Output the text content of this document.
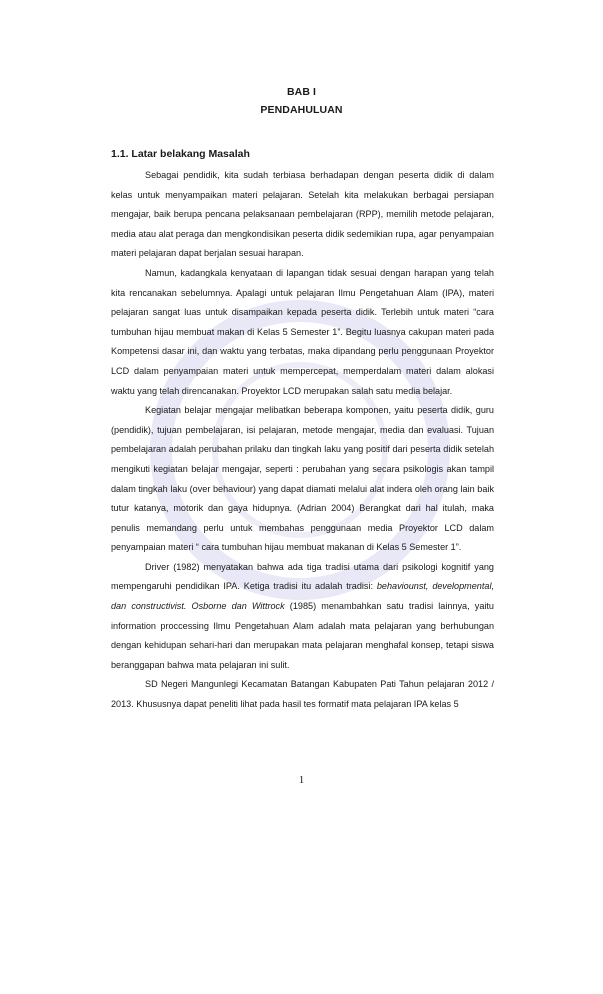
BAB I
PENDAHULUAN
1.1. Latar belakang Masalah

Sebagai pendidik, kita sudah terbiasa berhadapan dengan peserta didik di dalam kelas untuk menyampaikan materi pelajaran. Setelah kita melakukan berbagai persiapan mengajar, baik berupa pencana pelaksanaan pembelajaran (RPP), memilih metode pelajaran, media atau alat peraga dan mengkondisikan peserta didik sedemikian rupa, agar penyampaian materi pelajaran dapat berjalan sesuai harapan.

Namun, kadangkala kenyataan di lapangan tidak sesuai dengan harapan yang telah kita rencanakan sebelumnya. Apalagi untuk pelajaran Ilmu Pengetahuan Alam (IPA), materi pelajaran sangat luas untuk disampaikan kepada peserta didik. Terlebih untuk materi “cara tumbuhan hijau membuat makan di Kelas 5 Semester 1”. Begitu luasnya cakupan materi pada Kompetensi dasar ini, dan waktu yang terbatas, maka dipandang perlu penggunaan Proyektor LCD dalam penyampaian materi untuk mempercepat, memperdalam materi dalam alokasi waktu yang telah direncanakan. Proyektor LCD merupakan salah satu media belajar.

Kegiatan belajar mengajar melibatkan beberapa komponen, yaitu peserta didik, guru (pendidik), tujuan pembelajaran, isi pelajaran, metode mengajar, media dan evaluasi. Tujuan pembelajaran adalah perubahan prilaku dan tingkah laku yang positif dari peserta didik setelah mengikuti kegiatan belajar mengajar, seperti : perubahan yang secara psikologis akan tampil dalam tingkah laku (over behaviour) yang dapat diamati melalui alat indera oleh orang lain baik tutur katanya, motorik dan gaya hidupnya. (Adrian 2004) Berangkat dari hal itulah, maka penulis memandang perlu untuk membahas penggunaan media Proyektor LCD dalam penyampaian materi “ cara tumbuhan hijau membuat makanan di Kelas 5 Semester 1”.

Driver (1982) menyatakan bahwa ada tiga tradisi utama dari psikologi kognitif yang mempengaruhi pendidikan IPA. Ketiga tradisi itu adalah tradisi: behaviounst, developmental, dan constructivist. Osborne dan Wittrock (1985) menambahkan satu tradisi lainnya, yaitu information proccessing Ilmu Pengetahuan Alam adalah mata pelajaran yang berhubungan dengan kehidupan sehari-hari dan merupakan mata pelajaran menghafal konsep, tetapi siswa beranggapan bahwa mata pelajaran ini sulit.

SD Negeri Mangunlegi Kecamatan Batangan Kabupaten Pati Tahun pelajaran 2012 / 2013. Khususnya dapat peneliti lihat pada hasil tes formatif mata pelajaran IPA kelas 5

1
